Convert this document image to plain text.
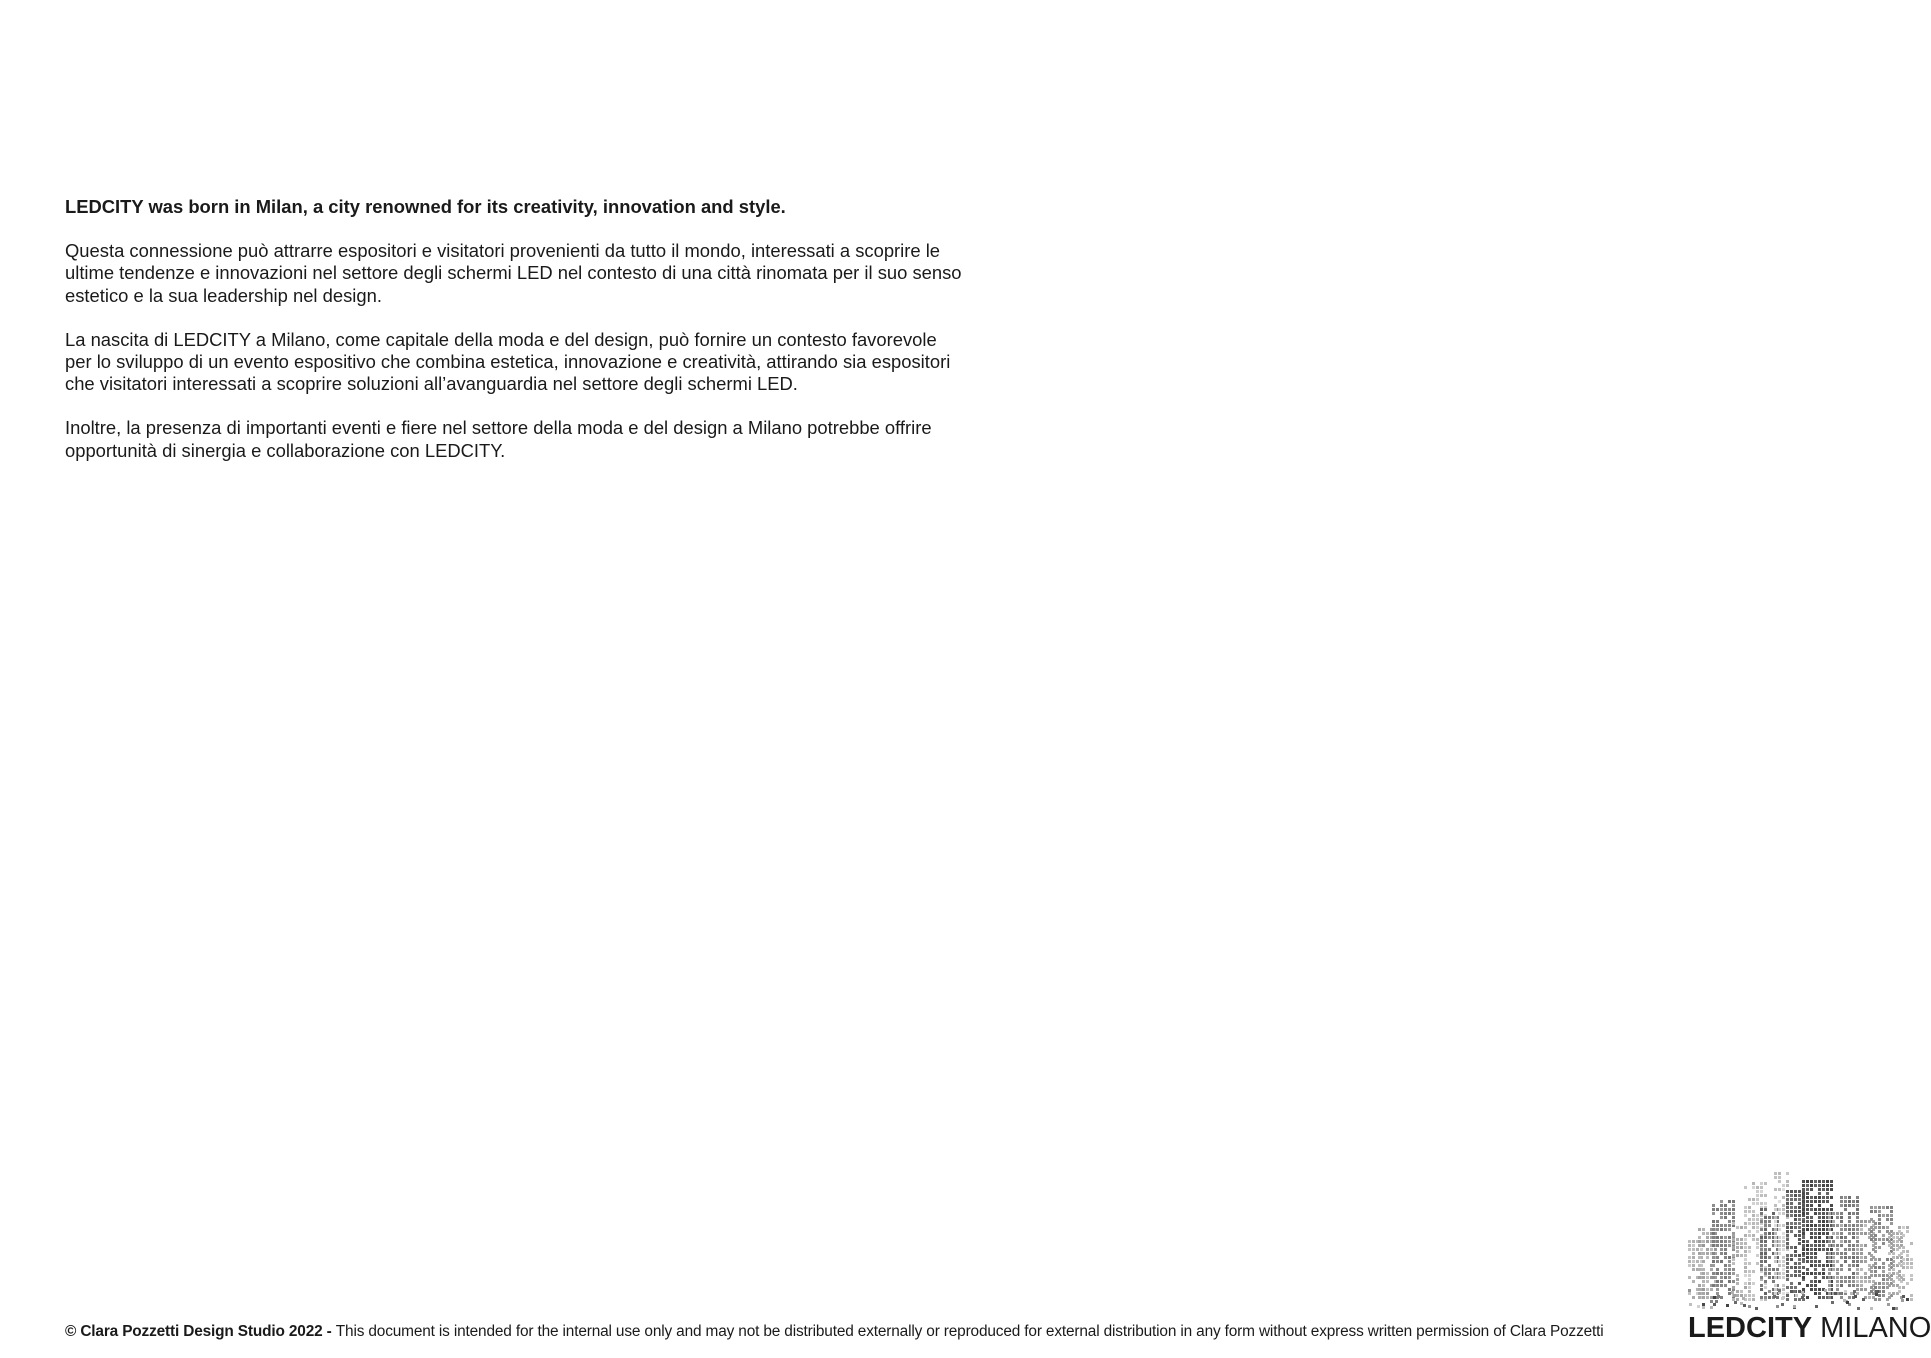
LEDCITY was born in Milan, a city renowned for its creativity, innovation and style.

Questa connessione può attrarre espositori e visitatori provenienti da tutto il mondo, interessati a scoprire le
ultime tendenze e innovazioni nel settore degli schermi LED nel contesto di una città rinomata per il suo senso
estetico e la sua leadership nel design.

La nascita di LEDCITY a Milano, come capitale della moda e del design, può fornire un contesto favorevole
per lo sviluppo di un evento espositivo che combina estetica, innovazione e creatività, attirando sia espositori
che visitatori interessati a scoprire soluzioni all’avanguardia nel settore degli schermi LED.

Inoltre, la presenza di importanti eventi e fiere nel settore della moda e del design a Milano potrebbe offrire
opportunità di sinergia e collaborazione con LEDCITY.

© Clara Pozzetti Design Studio 2022 - This document is intended for the internal use only and may not be distributed externally or reproduced for external distribution in any form without express written permission of Clara Pozzetti	LEDCITY MILANO
